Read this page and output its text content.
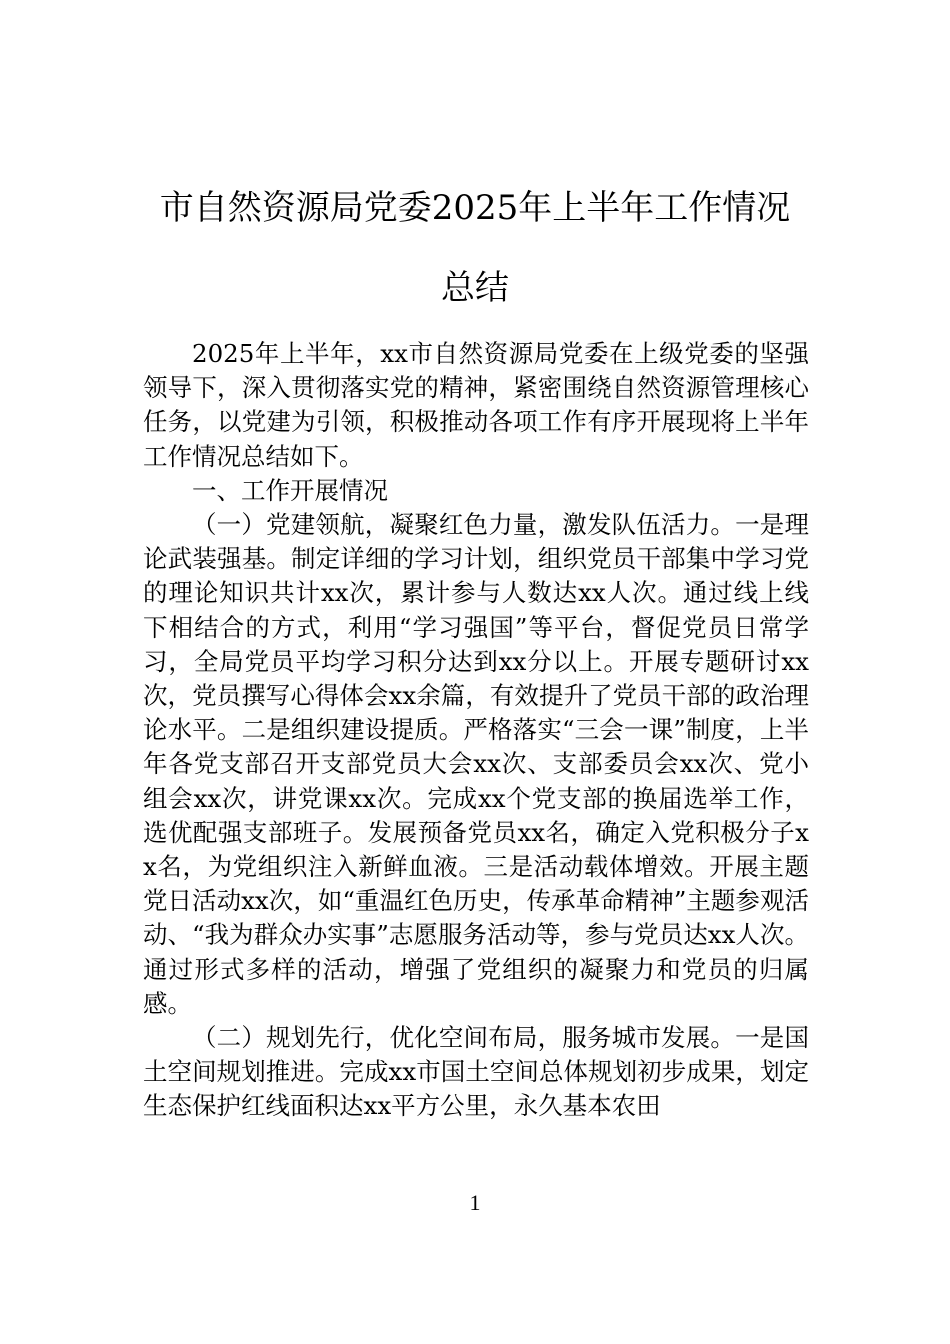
市自然资源局党委2025年上半年工作情况
总结

2025年上半年，xx市自然资源局党委在上级党委的坚强领导下，深入贯彻落实党的精神，紧密围绕自然资源管理核心任务，以党建为引领，积极推动各项工作有序开展现将上半年工作情况总结如下。

一、工作开展情况

（一）党建领航，凝聚红色力量，激发队伍活力。一是理论武装强基。制定详细的学习计划，组织党员干部集中学习党的理论知识共计xx次，累计参与人数达xx人次。通过线上线下相结合的方式，利用“学习强国”等平台，督促党员日常学习，全局党员平均学习积分达到xx分以上。开展专题研讨xx次，党员撰写心得体会xx余篇，有效提升了党员干部的政治理论水平。二是组织建设提质。严格落实“三会一课”制度，上半年各党支部召开支部党员大会xx次、支部委员会xx次、党小组会xx次，讲党课xx次。完成xx个党支部的换届选举工作，选优配强支部班子。发展预备党员xx名，确定入党积极分子xx名，为党组织注入新鲜血液。三是活动载体增效。开展主题党日活动xx次，如“重温红色历史，传承革命精神”主题参观活动、“我为群众办实事”志愿服务活动等，参与党员达xx人次。通过形式多样的活动，增强了党组织的凝聚力和党员的归属感。

（二）规划先行，优化空间布局，服务城市发展。一是国土空间规划推进。完成xx市国土空间总体规划初步成果，划定生态保护红线面积达xx平方公里，永久基本农田

1
